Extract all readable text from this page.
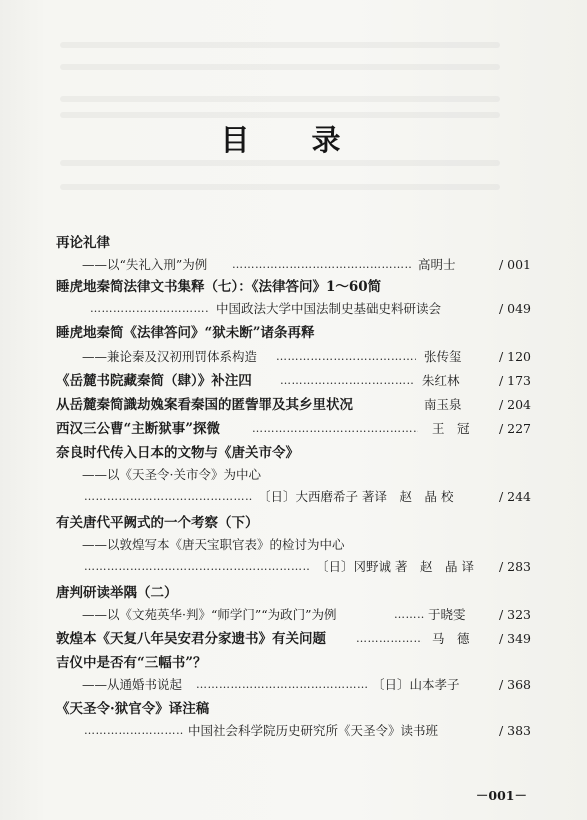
目 录
再论礼律
——以“失礼入刑”为例 ……………………………………………………………………………………………………………………………………………………………………………………………………………	高明士	/ 001
睡虎地秦简法律文书集释（七）：《法律答问》1～60简
……………………………………………………………………………………………………………………………………………………………………………………………………………
中国政法大学中国法制史基础史料研读会	/ 049
睡虎地秦简《法律答问》“狱未断”诸条再释
——兼论秦及汉初刑罚体系构造 ……………………………………………………………………………………………………………………………………………………………………………………………………………	张传玺	/ 120
《岳麓书院藏秦简（肆）》补注四 ……………………………………………………………………………………………………………………………………………………………………………………………………………	朱红林	/ 173
从岳麓秦简識劫婏案看秦国的匿訾罪及其乡里状况	南玉泉	/ 204
西汉三公曹“主断狱事”探微 ……………………………………………………………………………………………………………………………………………………………………………………………………………	王　冠 / 227
奈良时代传入日本的文物与《唐关市令》
——以《天圣令·关市令》为中心
……………………………………………………………………………………………………………………………………………………………………………………………………………
〔日〕大西磨希子 著译　赵　晶 校	/ 244
有关唐代平阙式的一个考察（下）
——以敦煌写本《唐天宝职官表》的检讨为中心
……………………………………………………………………………………………………………………………………………………………………………………………………………
〔日〕冈野诚 著　赵　晶 译 / 283
唐判研读举隅（二）
——以《文苑英华·判》“师学门”“为政门”为例 ……………………………………………………………………………………………………………………………………………………………………………………………………………	于晓雯	/ 323
敦煌本《天复八年吴安君分家遗书》有关问题 ……………………………………………………………………………………………………………………………………………………………………………………………………………	马　德 / 349
吉仪中是否有“三幅书”？
——从通婚书说起 ……………………………………………………………………………………………………………………………………………………………………………………………………………	〔日〕山本孝子	/ 368
《天圣令·狱官令》译注稿
……………………………………………………………………………………………………………………………………………………………………………………………………………
中国社会科学院历史研究所《天圣令》读书班	/ 383
－001－
